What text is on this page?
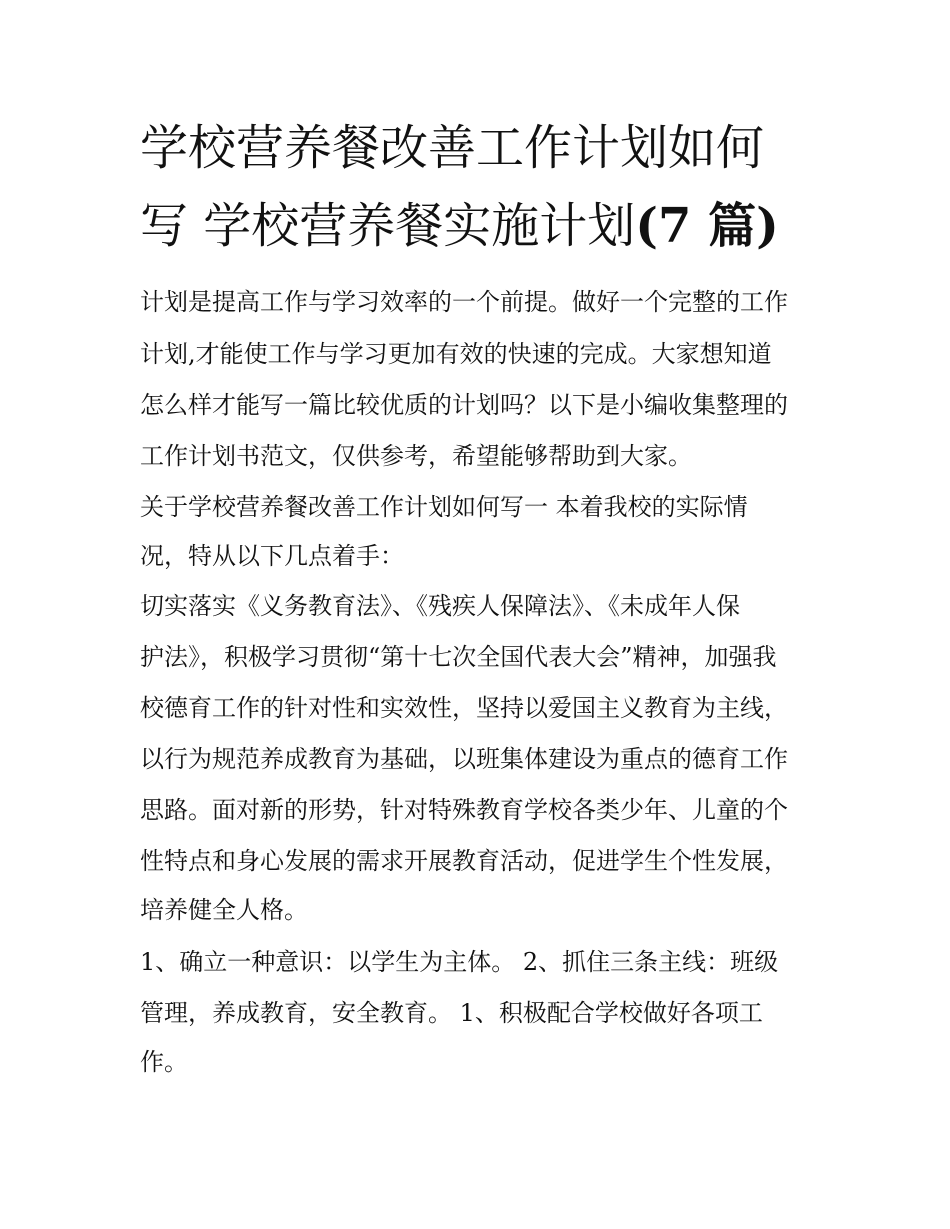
学校营养餐改善工作计划如何
写 学校营养餐实施计划(7 篇)

计划是提高工作与学习效率的一个前提。做好一个完整的工作

计划,才能使工作与学习更加有效的快速的完成。大家想知道

怎么样才能写一篇比较优质的计划吗？以下是小编收集整理的

工作计划书范文，仅供参考，希望能够帮助到大家。

关于学校营养餐改善工作计划如何写一 本着我校的实际情

况，特从以下几点着手：

切实落实《义务教育法》、《残疾人保障法》、《未成年人保

护法》，积极学习贯彻“第十七次全国代表大会”精神，加强我

校德育工作的针对性和实效性，坚持以爱国主义教育为主线，

以行为规范养成教育为基础，以班集体建设为重点的德育工作

思路。面对新的形势，针对特殊教育学校各类少年、儿童的个

性特点和身心发展的需求开展教育活动，促进学生个性发展，

培养健全人格。

1、确立一种意识：以学生为主体。 2、抓住三条主线：班级

管理，养成教育，安全教育。 1、积极配合学校做好各项工

作。
